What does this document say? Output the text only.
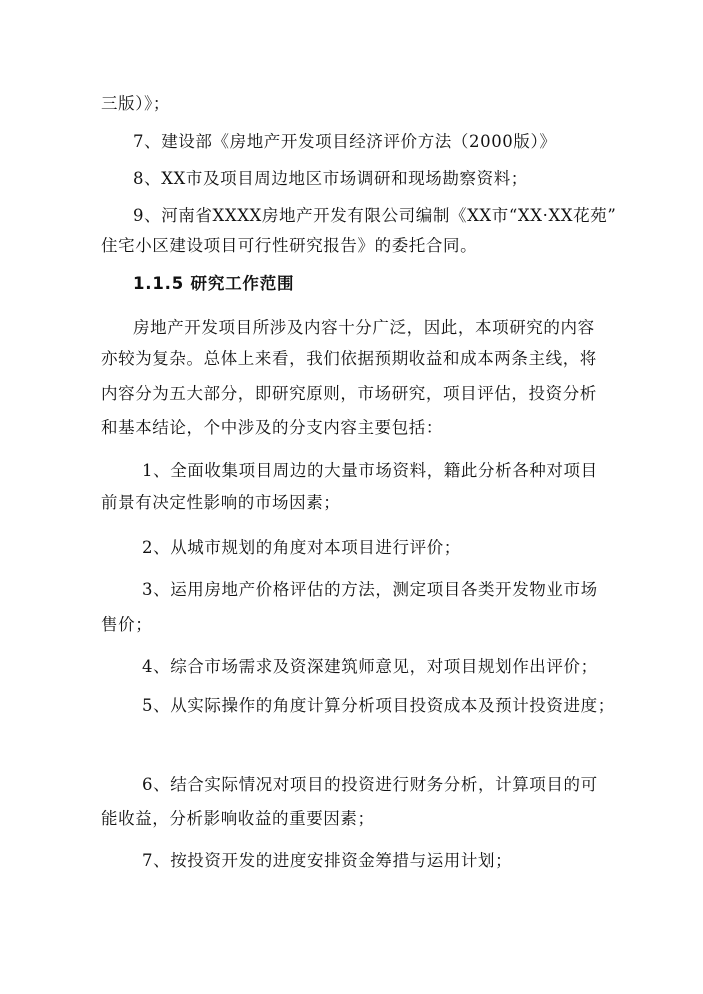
三版）》；
7、建设部《房地产开发项目经济评价方法（2000版）》
8、XX市及项目周边地区市场调研和现场勘察资料；
9、河南省XXXX房地产开发有限公司编制《XX市“XX·XX花苑”
住宅小区建设项目可行性研究报告》的委托合同。
1.1.5 研究工作范围
房地产开发项目所涉及内容十分广泛，因此，本项研究的内容
亦较为复杂。总体上来看，我们依据预期收益和成本两条主线，将
内容分为五大部分，即研究原则，市场研究，项目评估，投资分析
和基本结论，个中涉及的分支内容主要包括：
1、全面收集项目周边的大量市场资料，籍此分析各种对项目
前景有决定性影响的市场因素；
2、从城市规划的角度对本项目进行评价；
3、运用房地产价格评估的方法，测定项目各类开发物业市场
售价；
4、综合市场需求及资深建筑师意见，对项目规划作出评价；
5、从实际操作的角度计算分析项目投资成本及预计投资进度；
6、结合实际情况对项目的投资进行财务分析，计算项目的可
能收益，分析影响收益的重要因素；
7、按投资开发的进度安排资金筹措与运用计划；
